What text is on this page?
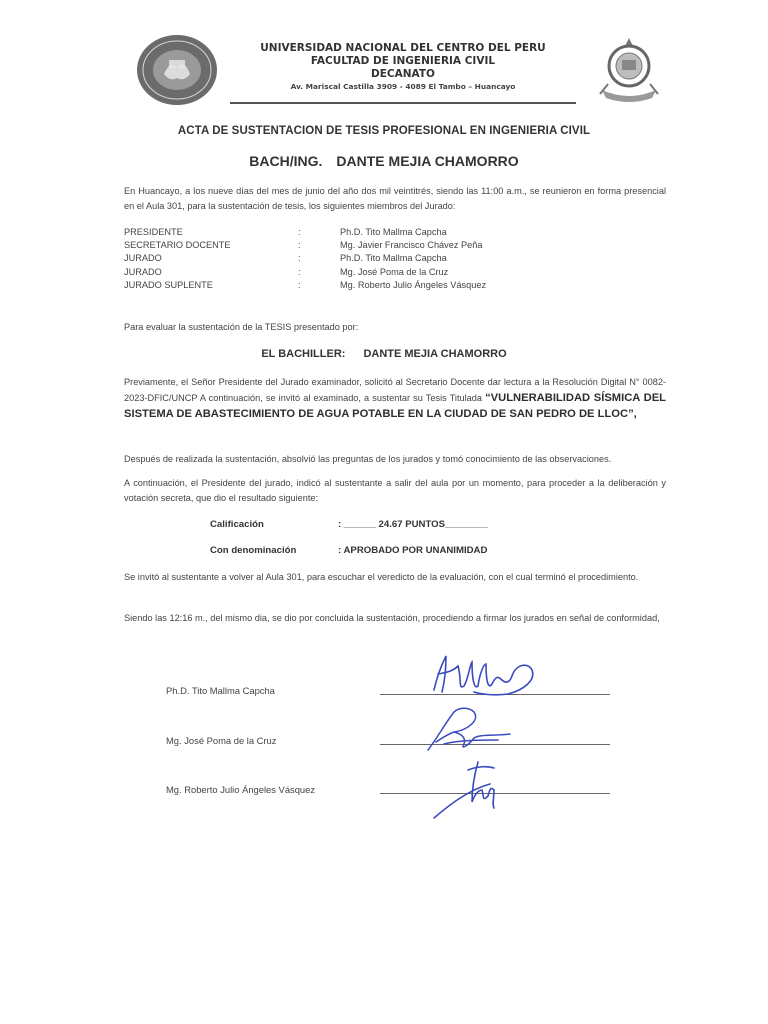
UNIVERSIDAD NACIONAL DEL CENTRO DEL PERU
FACULTAD DE INGENIERIA CIVIL
DECANATO
Av. Mariscal Castilla 3909 - 4089 El Tambo – Huancayo
ACTA DE SUSTENTACION DE TESIS PROFESIONAL EN INGENIERIA CIVIL
BACH/ING. DANTE MEJIA CHAMORRO
En Huancayo, a los nueve días del mes de junio del año dos mil veintitrés, siendo las 11:00 a.m., se reunieron en forma presencial en el Aula 301, para la sustentación de tesis, los siguientes miembros del Jurado:
PRESIDENTE	:	Ph.D. Tito Mallma Capcha
SECRETARIO DOCENTE	:	Mg. Javier Francisco Chávez Peña
JURADO	:	Ph.D. Tito Mallma Capcha
JURADO	:	Mg. José Poma de la Cruz
JURADO SUPLENTE	:	Mg. Roberto Julio Ángeles Vásquez
Para evaluar la sustentación de la TESIS presentado por:
EL BACHILLER: DANTE MEJIA CHAMORRO
Previamente, el Señor Presidente del Jurado examinador, solicitó al Secretario Docente dar lectura a la Resolución Digital N° 0082-2023-DFIC/UNCP A continuación, se invitó al examinado, a sustentar su Tesis Titulada “VULNERABILIDAD SÍSMICA DEL SISTEMA DE ABASTECIMIENTO DE AGUA POTABLE EN LA CIUDAD DE SAN PEDRO DE LLOC”,
Después de realizada la sustentación, absolvió las preguntas de los jurados y tomó conocimiento de las observaciones.
A continuación, el Presidente del jurado, indicó al sustentante a salir del aula por un momento, para proceder a la deliberación y votación secreta, que dio el resultado siguiente:
Calificación	: ______ 24.67 PUNTOS________
Con denominación	: APROBADO POR UNANIMIDAD
Se invitó al sustentante a volver al Aula 301, para escuchar el veredicto de la evaluación, con el cual terminó el procedimiento.
Siendo las 12:16 m., del mismo dia, se dio por concluida la sustentación, procediendo a firmar los jurados en señal de conformidad,
Ph.D. Tito Mallma Capcha
Mg. José Poma de la Cruz
Mg. Roberto Julio Ángeles Vásquez
